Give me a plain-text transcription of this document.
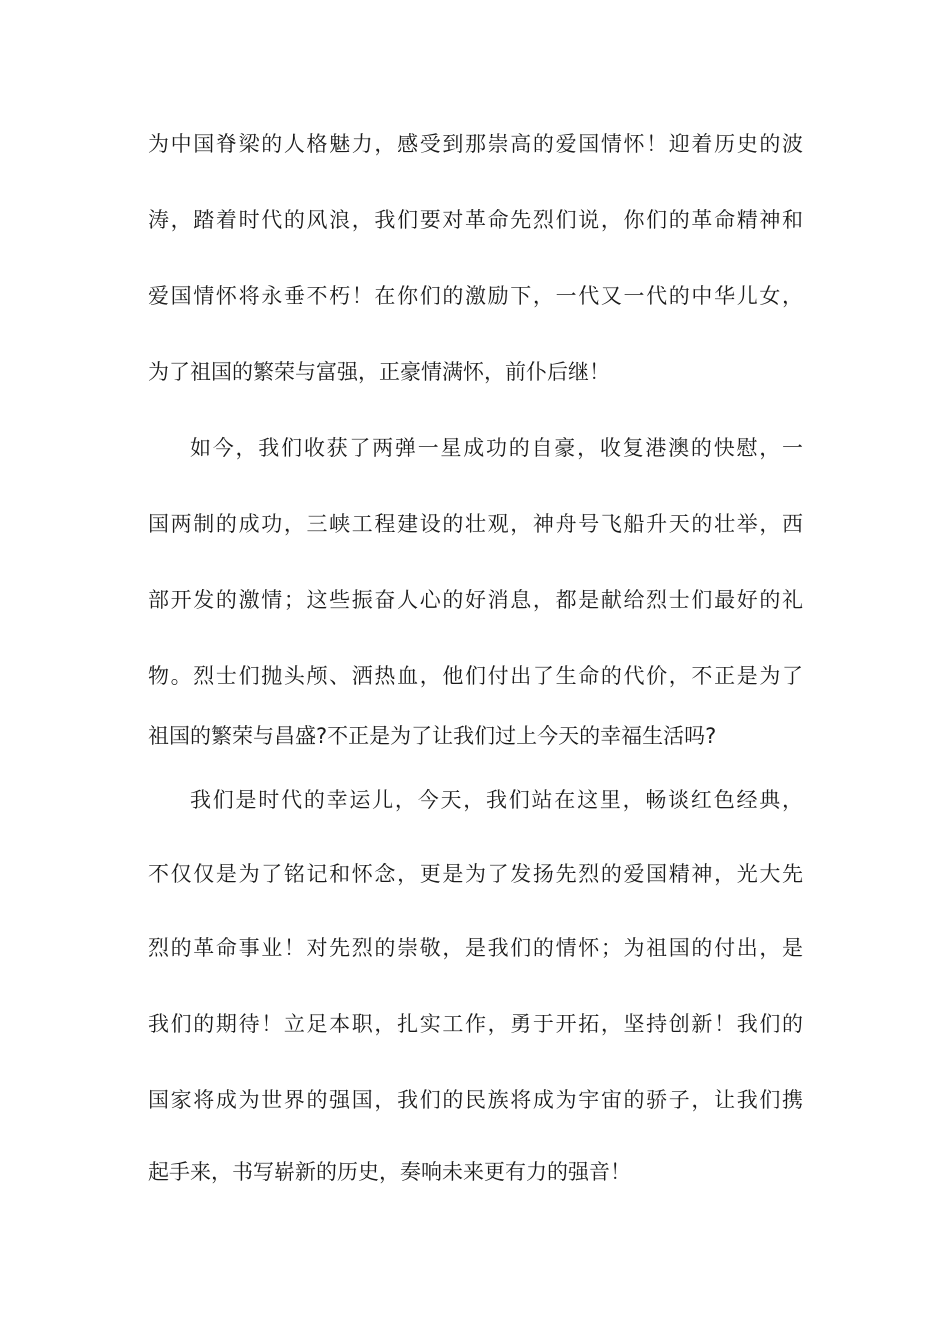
为中国脊梁的人格魅力，感受到那崇高的爱国情怀！迎着历史的波
涛，踏着时代的风浪，我们要对革命先烈们说，你们的革命精神和
爱国情怀将永垂不朽！在你们的激励下，一代又一代的中华儿女，
为了祖国的繁荣与富强，正豪情满怀，前仆后继！
如今，我们收获了两弹一星成功的自豪，收复港澳的快慰，一
国两制的成功，三峡工程建设的壮观，神舟号飞船升天的壮举，西
部开发的激情；这些振奋人心的好消息，都是献给烈士们最好的礼
物。烈士们抛头颅、洒热血，他们付出了生命的代价，不正是为了
祖国的繁荣与昌盛?不正是为了让我们过上今天的幸福生活吗?
我们是时代的幸运儿，今天，我们站在这里，畅谈红色经典，
不仅仅是为了铭记和怀念，更是为了发扬先烈的爱国精神，光大先
烈的革命事业！对先烈的崇敬，是我们的情怀；为祖国的付出，是
我们的期待！立足本职，扎实工作，勇于开拓，坚持创新！我们的
国家将成为世界的强国，我们的民族将成为宇宙的骄子，让我们携
起手来，书写崭新的历史，奏响未来更有力的强音！
